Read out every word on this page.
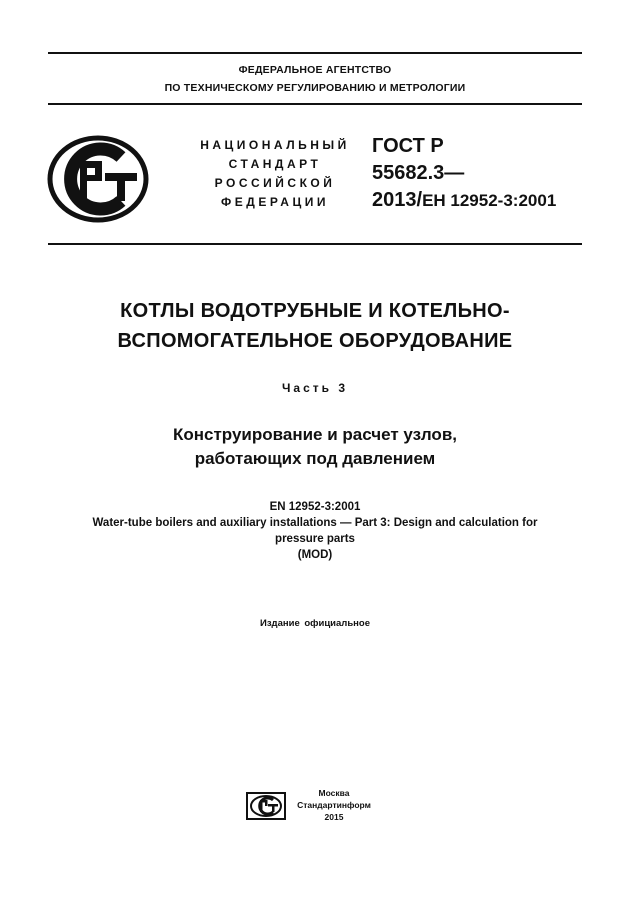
ФЕДЕРАЛЬНОЕ АГЕНТСТВО
ПО ТЕХНИЧЕСКОМУ РЕГУЛИРОВАНИЮ И МЕТРОЛОГИИ
НАЦИОНАЛЬНЫЙ
СТАНДАРТ
РОССИЙСКОЙ
ФЕДЕРАЦИИ
ГОСТ Р
55682.3—
2013/ЕН 12952-3:2001
КОТЛЫ ВОДОТРУБНЫЕ И КОТЕЛЬНО-
ВСПОМОГАТЕЛЬНОЕ ОБОРУДОВАНИЕ
Часть 3
Конструирование и расчет узлов,
работающих под давлением
EN 12952-3:2001
Water-tube boilers and auxiliary installations — Part 3: Design and calculation for
pressure parts
(MOD)
Издание официальное
Москва
Стандартинформ
2015
